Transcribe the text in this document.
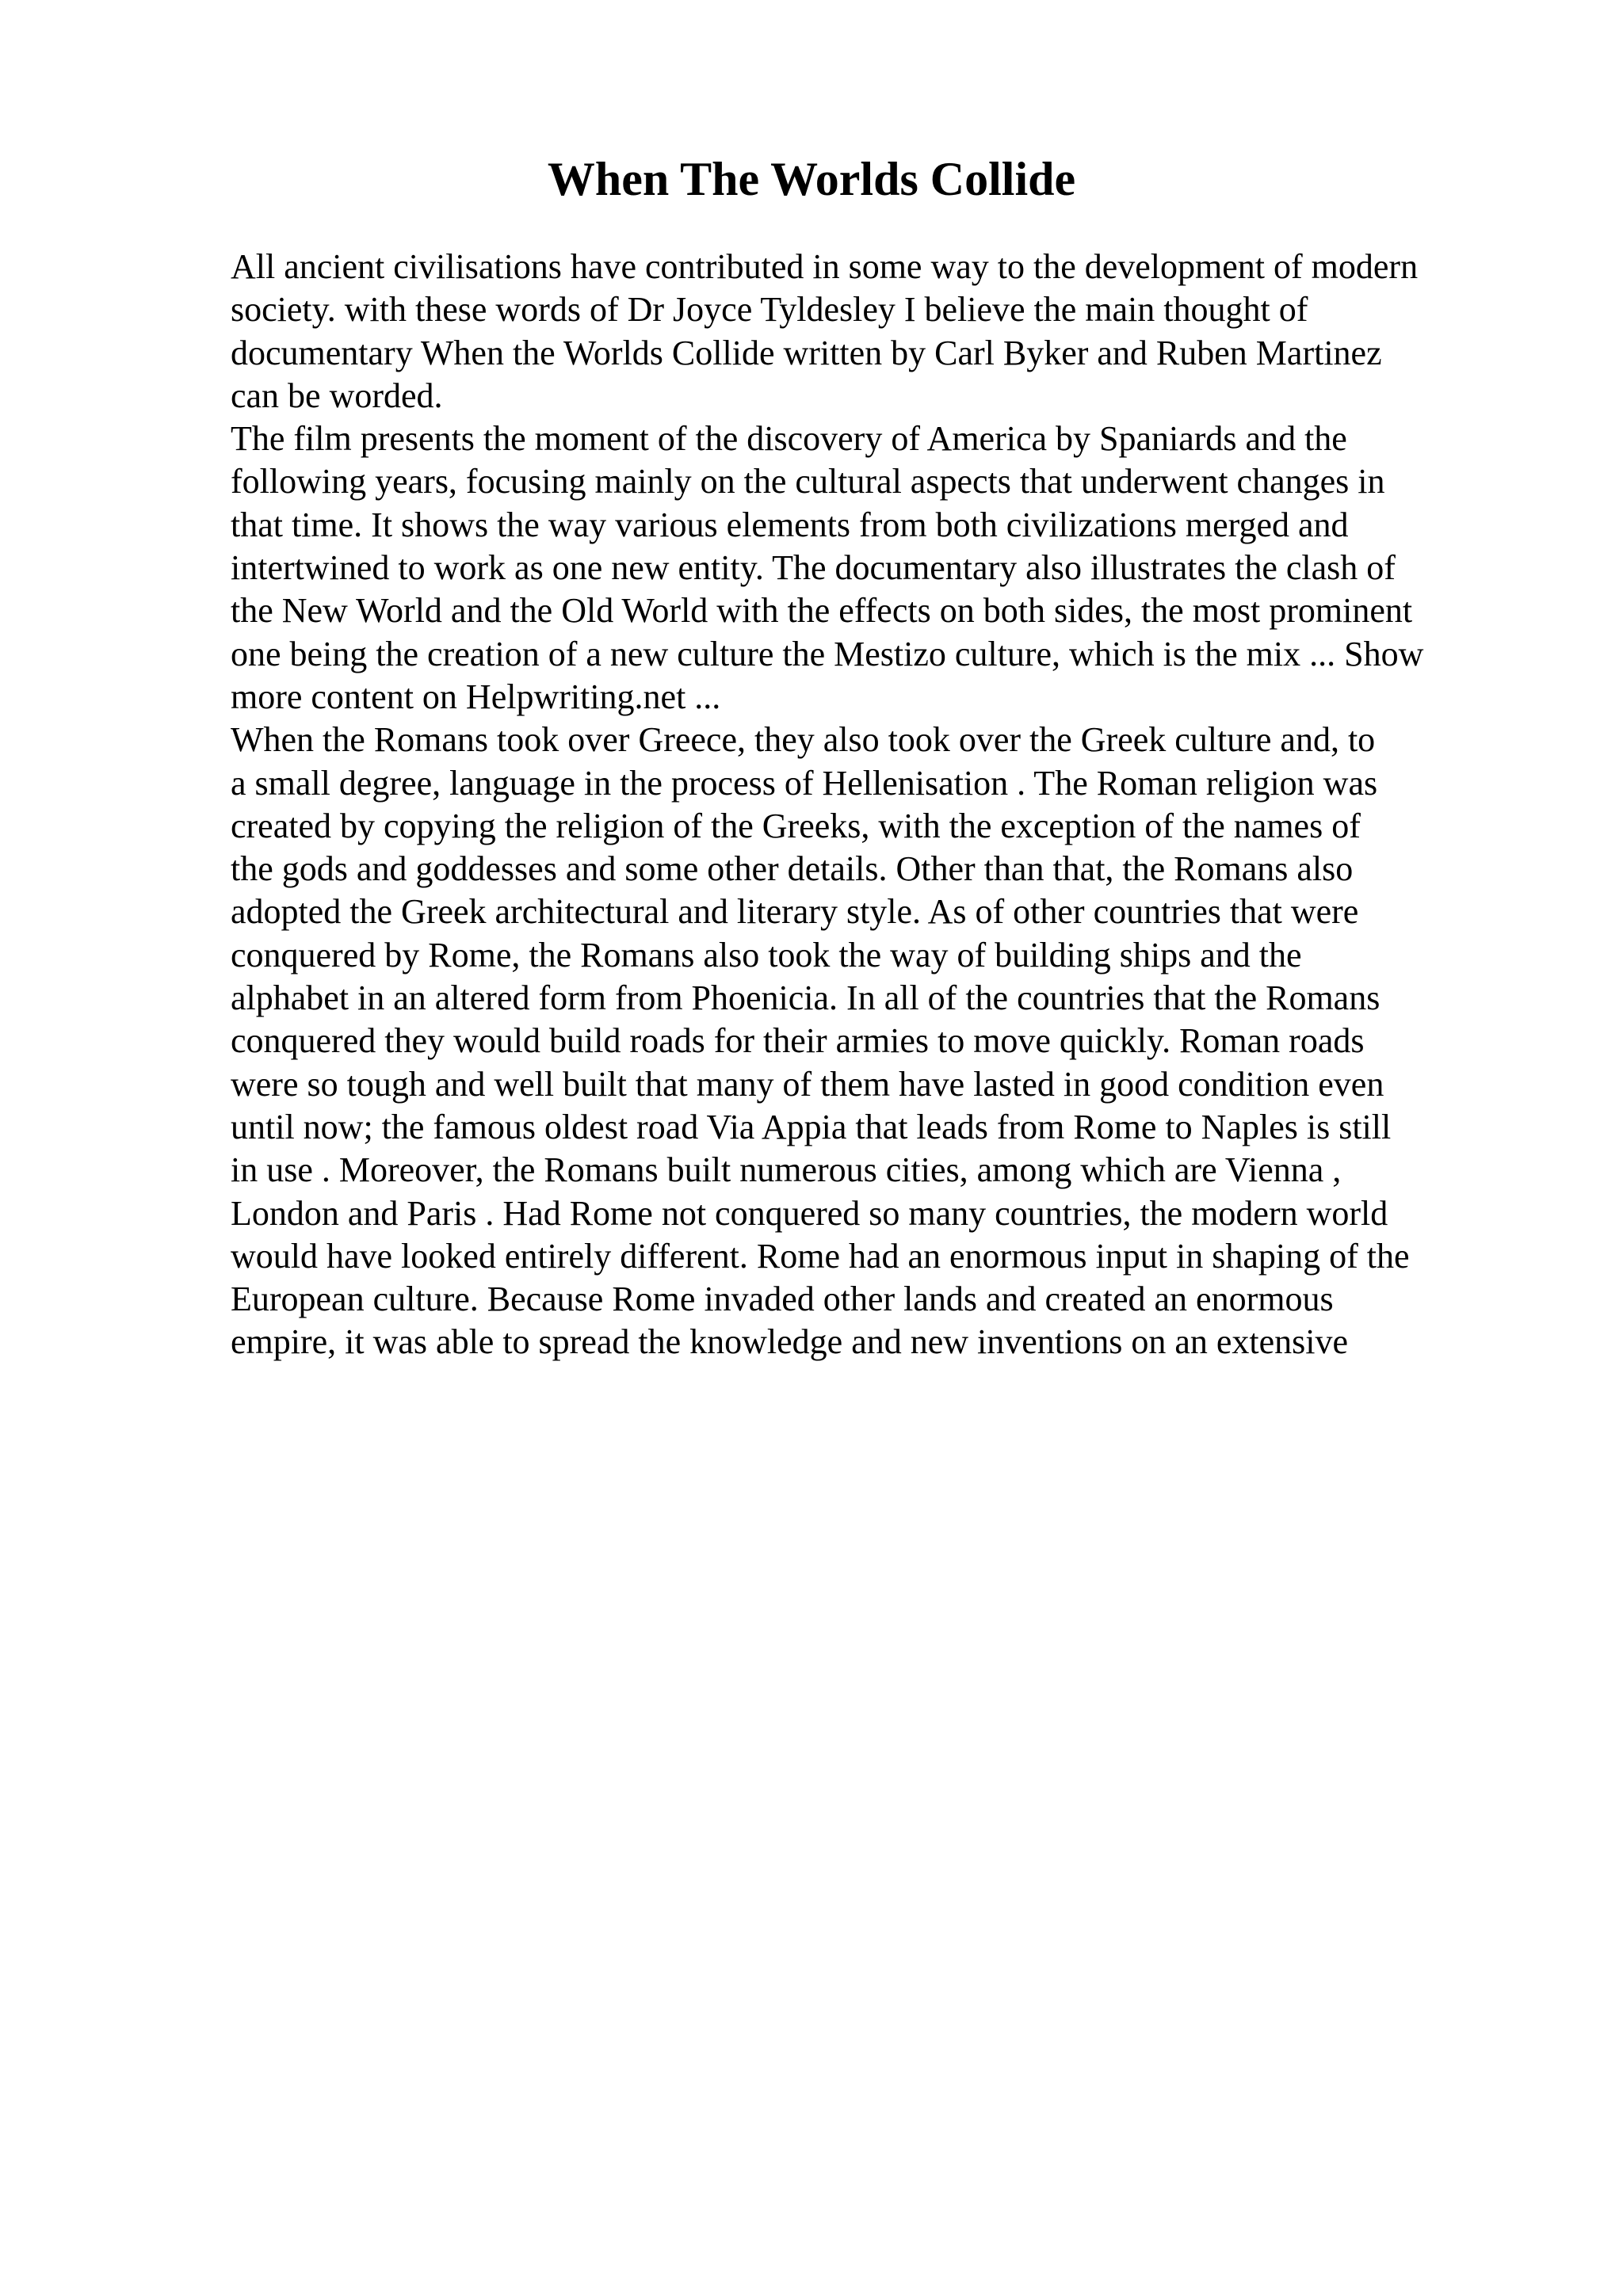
When The Worlds Collide
All ancient civilisations have contributed in some way to the development of modern
society. with these words of Dr Joyce Tyldesley I believe the main thought of
documentary When the Worlds Collide written by Carl Byker and Ruben Martinez
can be worded.
The film presents the moment of the discovery of America by Spaniards and the
following years, focusing mainly on the cultural aspects that underwent changes in
that time. It shows the way various elements from both civilizations merged and
intertwined to work as one new entity. The documentary also illustrates the clash of
the New World and the Old World with the effects on both sides, the most prominent
one being the creation of a new culture the Mestizo culture, which is the mix ... Show
more content on Helpwriting.net ...
When the Romans took over Greece, they also took over the Greek culture and, to
a small degree, language in the process of Hellenisation . The Roman religion was
created by copying the religion of the Greeks, with the exception of the names of
the gods and goddesses and some other details. Other than that, the Romans also
adopted the Greek architectural and literary style. As of other countries that were
conquered by Rome, the Romans also took the way of building ships and the
alphabet in an altered form from Phoenicia. In all of the countries that the Romans
conquered they would build roads for their armies to move quickly. Roman roads
were so tough and well built that many of them have lasted in good condition even
until now; the famous oldest road Via Appia that leads from Rome to Naples is still
in use . Moreover, the Romans built numerous cities, among which are Vienna ,
London and Paris . Had Rome not conquered so many countries, the modern world
would have looked entirely different. Rome had an enormous input in shaping of the
European culture. Because Rome invaded other lands and created an enormous
empire, it was able to spread the knowledge and new inventions on an extensive
